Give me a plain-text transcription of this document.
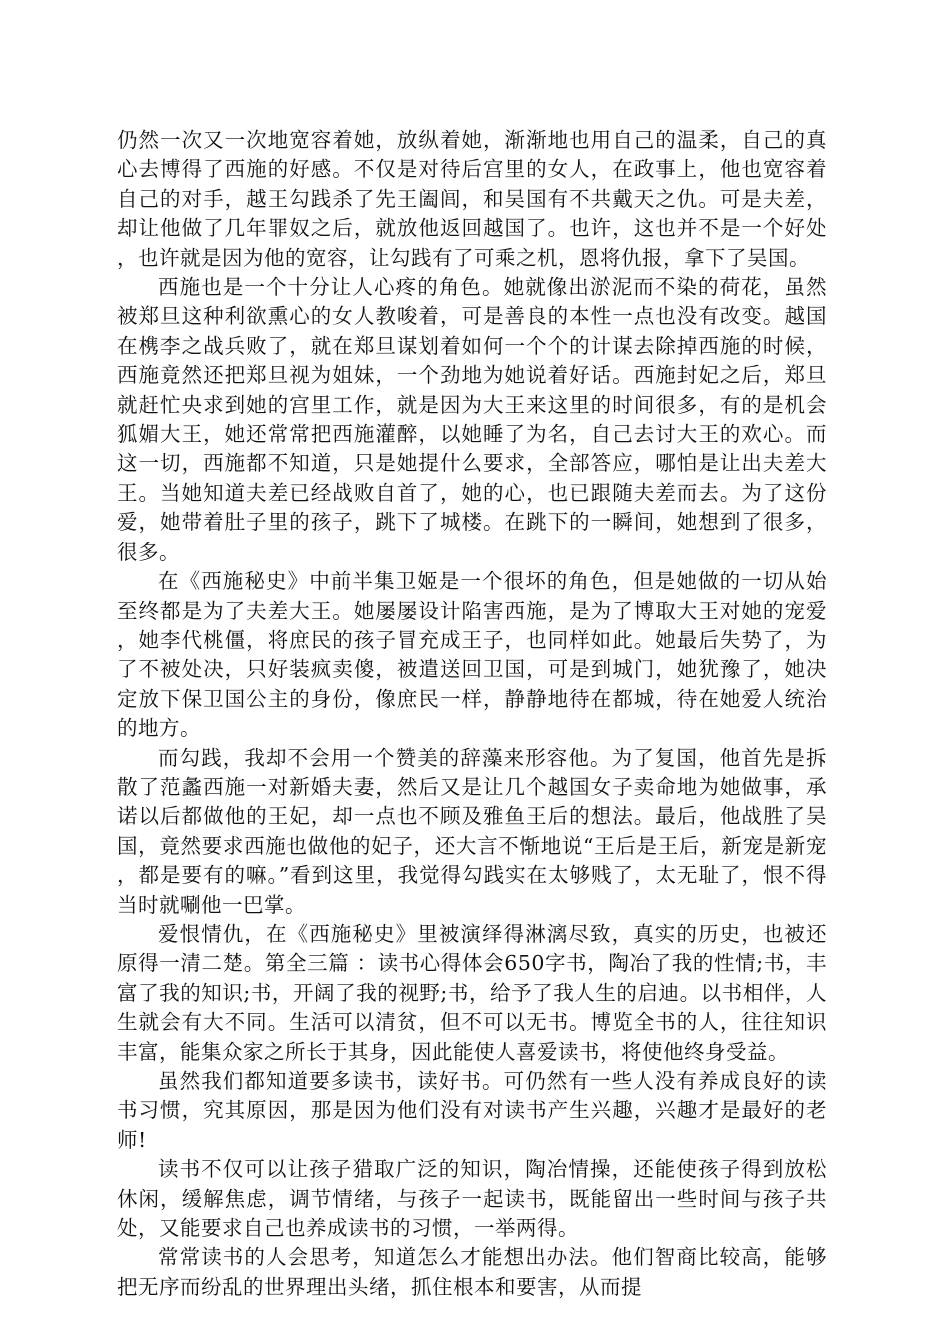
仍然一次又一次地宽容着她，放纵着她，渐渐地也用自己的温柔，自己的真心去博得了西施的好感。不仅是对待后宫里的女人，在政事上，他也宽容着自己的对手，越王勾践杀了先王阖闾，和吴国有不共戴天之仇。可是夫差，却让他做了几年罪奴之后，就放他返回越国了。也许，这也并不是一个好处，也许就是因为他的宽容，让勾践有了可乘之机，恩将仇报，拿下了吴国。

西施也是一个十分让人心疼的角色。她就像出淤泥而不染的荷花，虽然被郑旦这种利欲熏心的女人教唆着，可是善良的本性一点也没有改变。越国在槜李之战兵败了，就在郑旦谋划着如何一个个的计谋去除掉西施的时候，西施竟然还把郑旦视为姐妹，一个劲地为她说着好话。西施封妃之后，郑旦就赶忙央求到她的宫里工作，就是因为大王来这里的时间很多，有的是机会狐媚大王，她还常常把西施灌醉，以她睡了为名，自己去讨大王的欢心。而这一切，西施都不知道，只是她提什么要求，全部答应，哪怕是让出夫差大王。当她知道夫差已经战败自首了，她的心，也已跟随夫差而去。为了这份爱，她带着肚子里的孩子，跳下了城楼。在跳下的一瞬间，她想到了很多，很多。

在《西施秘史》中前半集卫姬是一个很坏的角色，但是她做的一切从始至终都是为了夫差大王。她屡屡设计陷害西施，是为了博取大王对她的宠爱，她李代桃僵，将庶民的孩子冒充成王子，也同样如此。她最后失势了，为了不被处决，只好装疯卖傻，被遣送回卫国，可是到城门，她犹豫了，她决定放下保卫国公主的身份，像庶民一样，静静地待在都城，待在她爱人统治的地方。

而勾践，我却不会用一个赞美的辞藻来形容他。为了复国，他首先是拆散了范蠡西施一对新婚夫妻，然后又是让几个越国女子卖命地为她做事，承诺以后都做他的王妃，却一点也不顾及雅鱼王后的想法。最后，他战胜了吴国，竟然要求西施也做他的妃子，还大言不惭地说“王后是王后，新宠是新宠，都是要有的嘛。”看到这里，我觉得勾践实在太够贱了，太无耻了，恨不得当时就唰他一巴掌。

爱恨情仇，在《西施秘史》里被演绎得淋漓尽致，真实的历史，也被还原得一清二楚。第全三篇 ：读书心得体会650字书，陶冶了我的性情;书，丰富了我的知识;书，开阔了我的视野;书，给予了我人生的启迪。以书相伴，人生就会有大不同。生活可以清贫，但不可以无书。博览全书的人，往往知识丰富，能集众家之所长于其身，因此能使人喜爱读书，将使他终身受益。

虽然我们都知道要多读书，读好书。可仍然有一些人没有养成良好的读书习惯，究其原因，那是因为他们没有对读书产生兴趣，兴趣才是最好的老师!

读书不仅可以让孩子猎取广泛的知识，陶冶情操，还能使孩子得到放松休闲，缓解焦虑，调节情绪，与孩子一起读书，既能留出一些时间与孩子共处，又能要求自己也养成读书的习惯，一举两得。

常常读书的人会思考，知道怎么才能想出办法。他们智商比较高，能够把无序而纷乱的世界理出头绪，抓住根本和要害，从而提
